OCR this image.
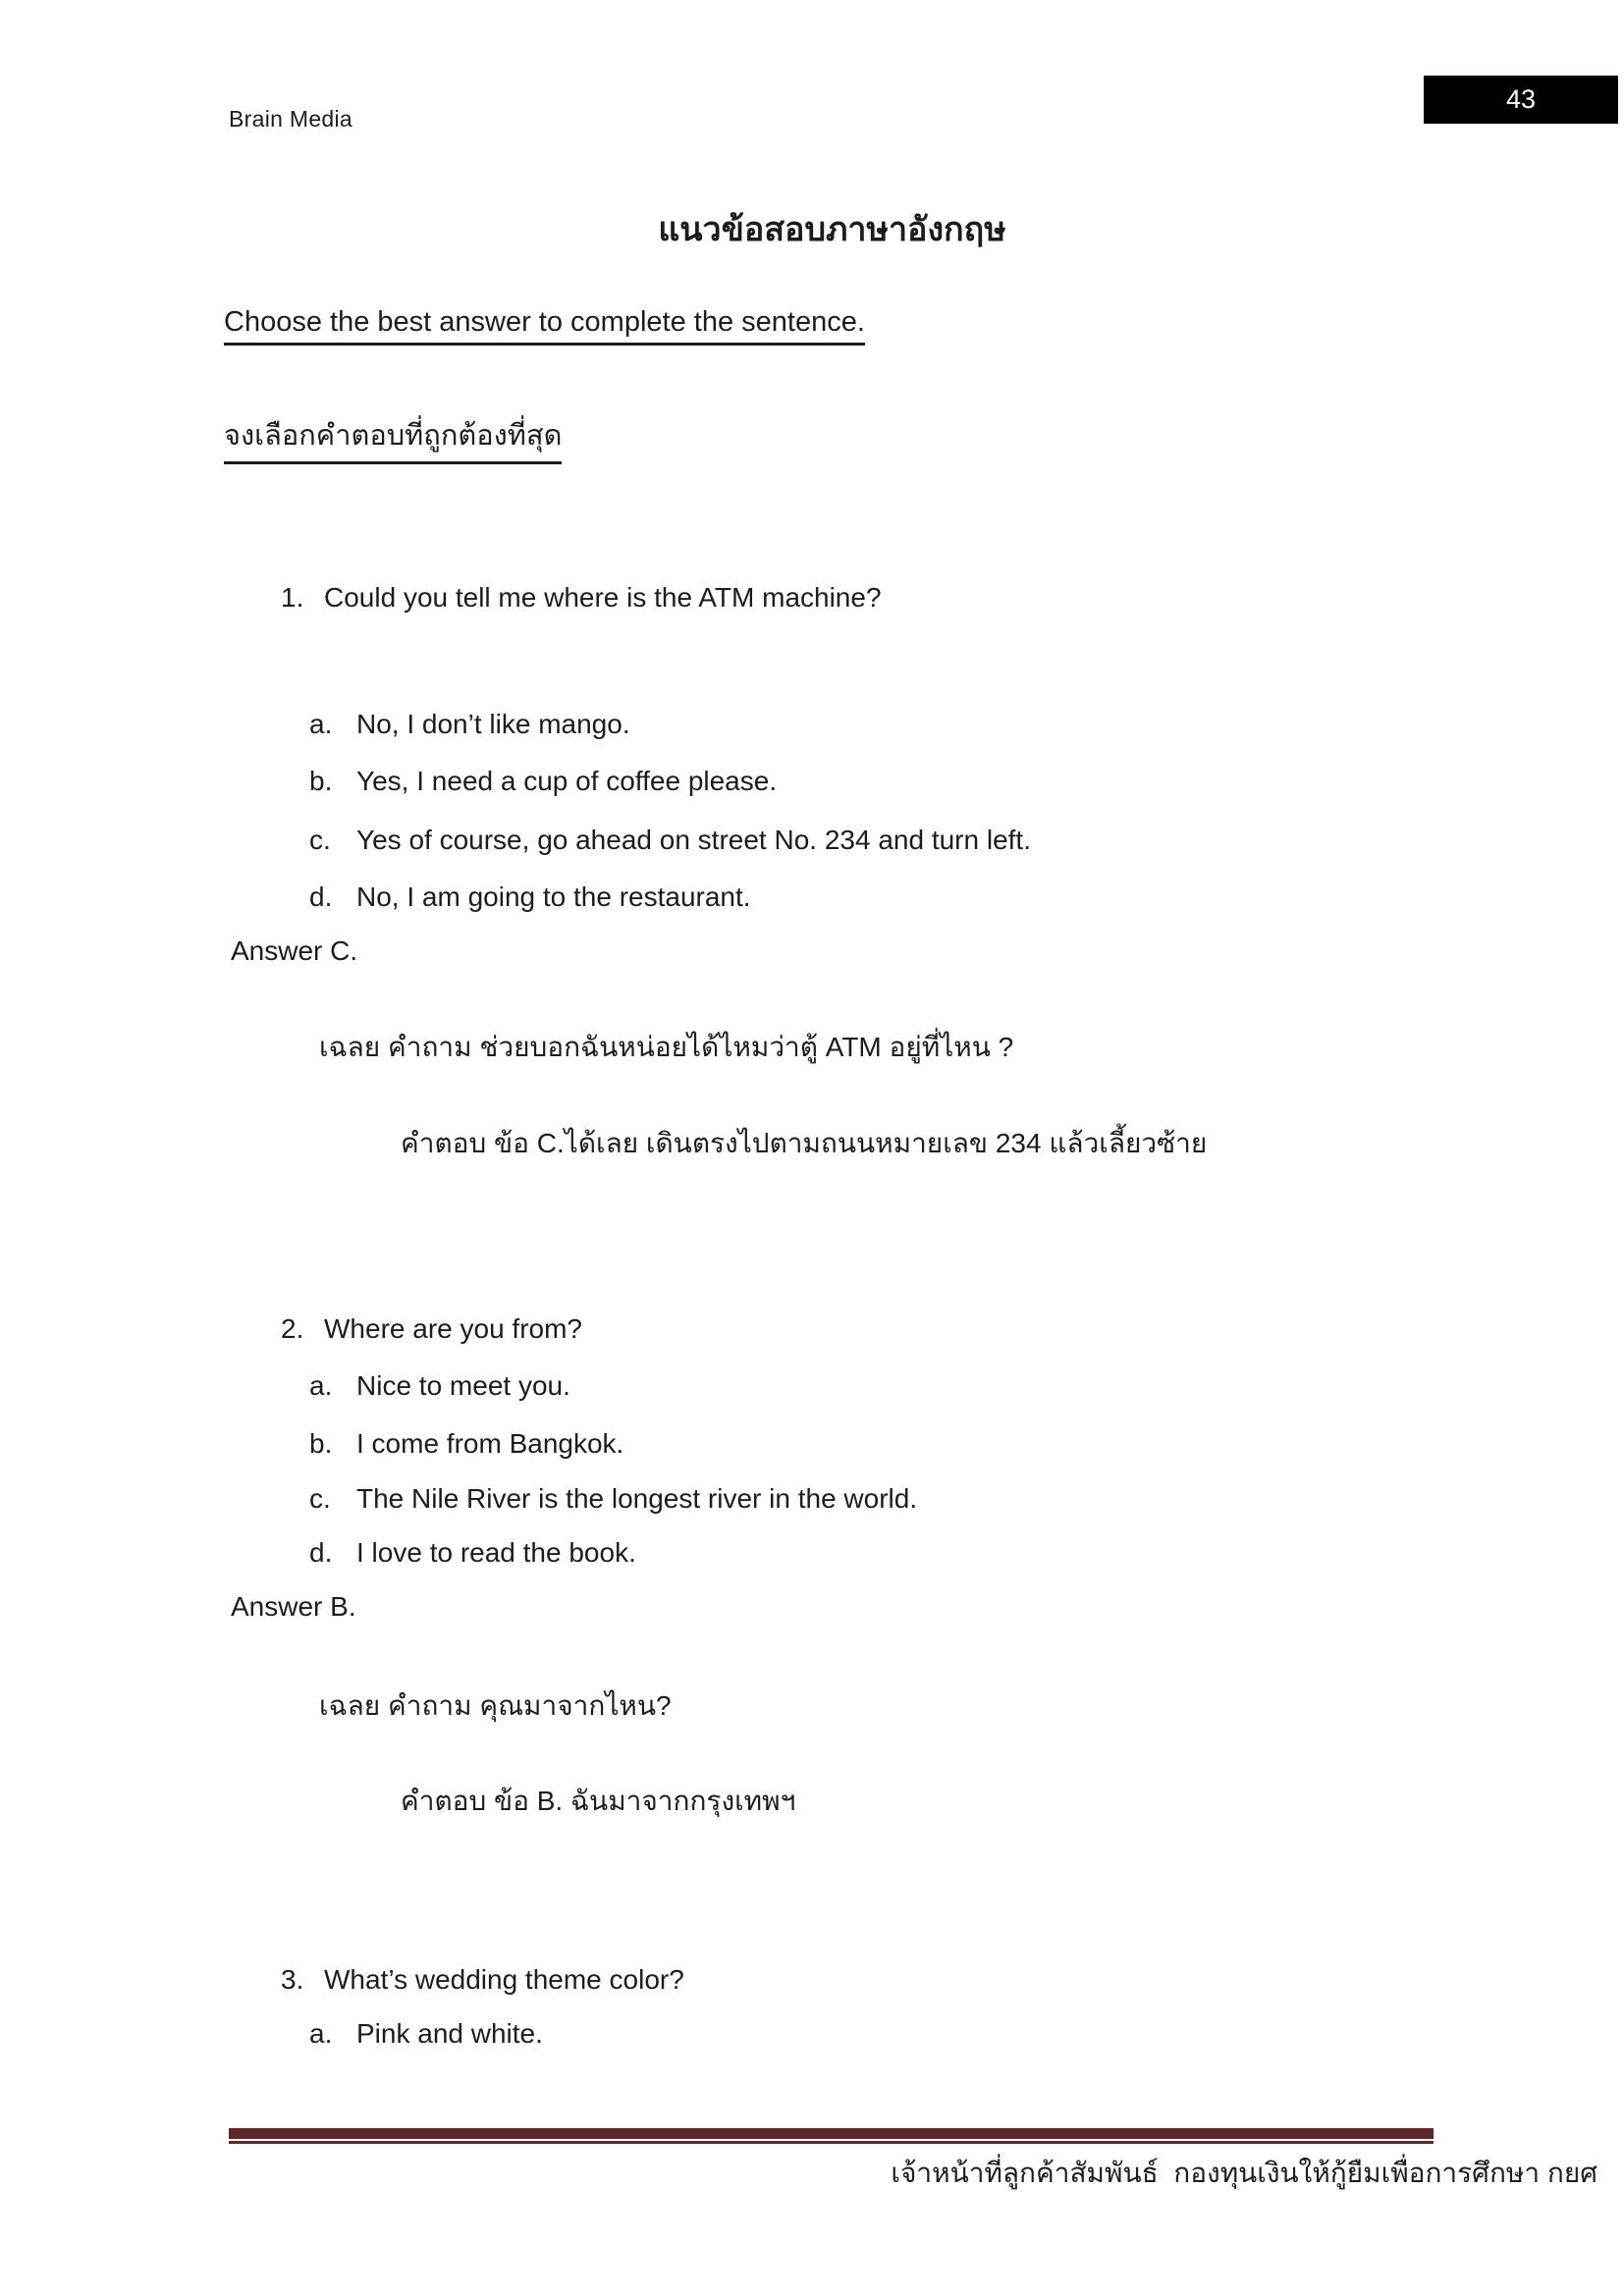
Brain Media
43
แนวข้อสอบภาษาอังกฤษ
Choose the best answer to complete the sentence.
จงเลือกคำตอบที่ถูกต้องที่สุด
1. Could you tell me where is the ATM machine?
a. No, I don’t like mango.
b. Yes, I need a cup of coffee please.
c. Yes of course, go ahead on street No. 234 and turn left.
d. No, I am going to the restaurant.
Answer C.
เฉลย คำถาม ช่วยบอกฉันหน่อยได้ไหมว่าตู้ ATM อยู่ที่ไหน ?
คำตอบ ข้อ C.ได้เลย เดินตรงไปตามถนนหมายเลข 234 แล้วเลี้ยวซ้าย
2. Where are you from?
a. Nice to meet you.
b. I come from Bangkok.
c. The Nile River is the longest river in the world.
d. I love to read the book.
Answer B.
เฉลย คำถาม คุณมาจากไหน?
คำตอบ ข้อ B. ฉันมาจากกรุงเทพฯ
3. What’s wedding theme color?
a. Pink and white.
เจ้าหน้าที่ลูกค้าสัมพันธ์  กองทุนเงินให้กู้ยืมเพื่อการศึกษา กยศ
